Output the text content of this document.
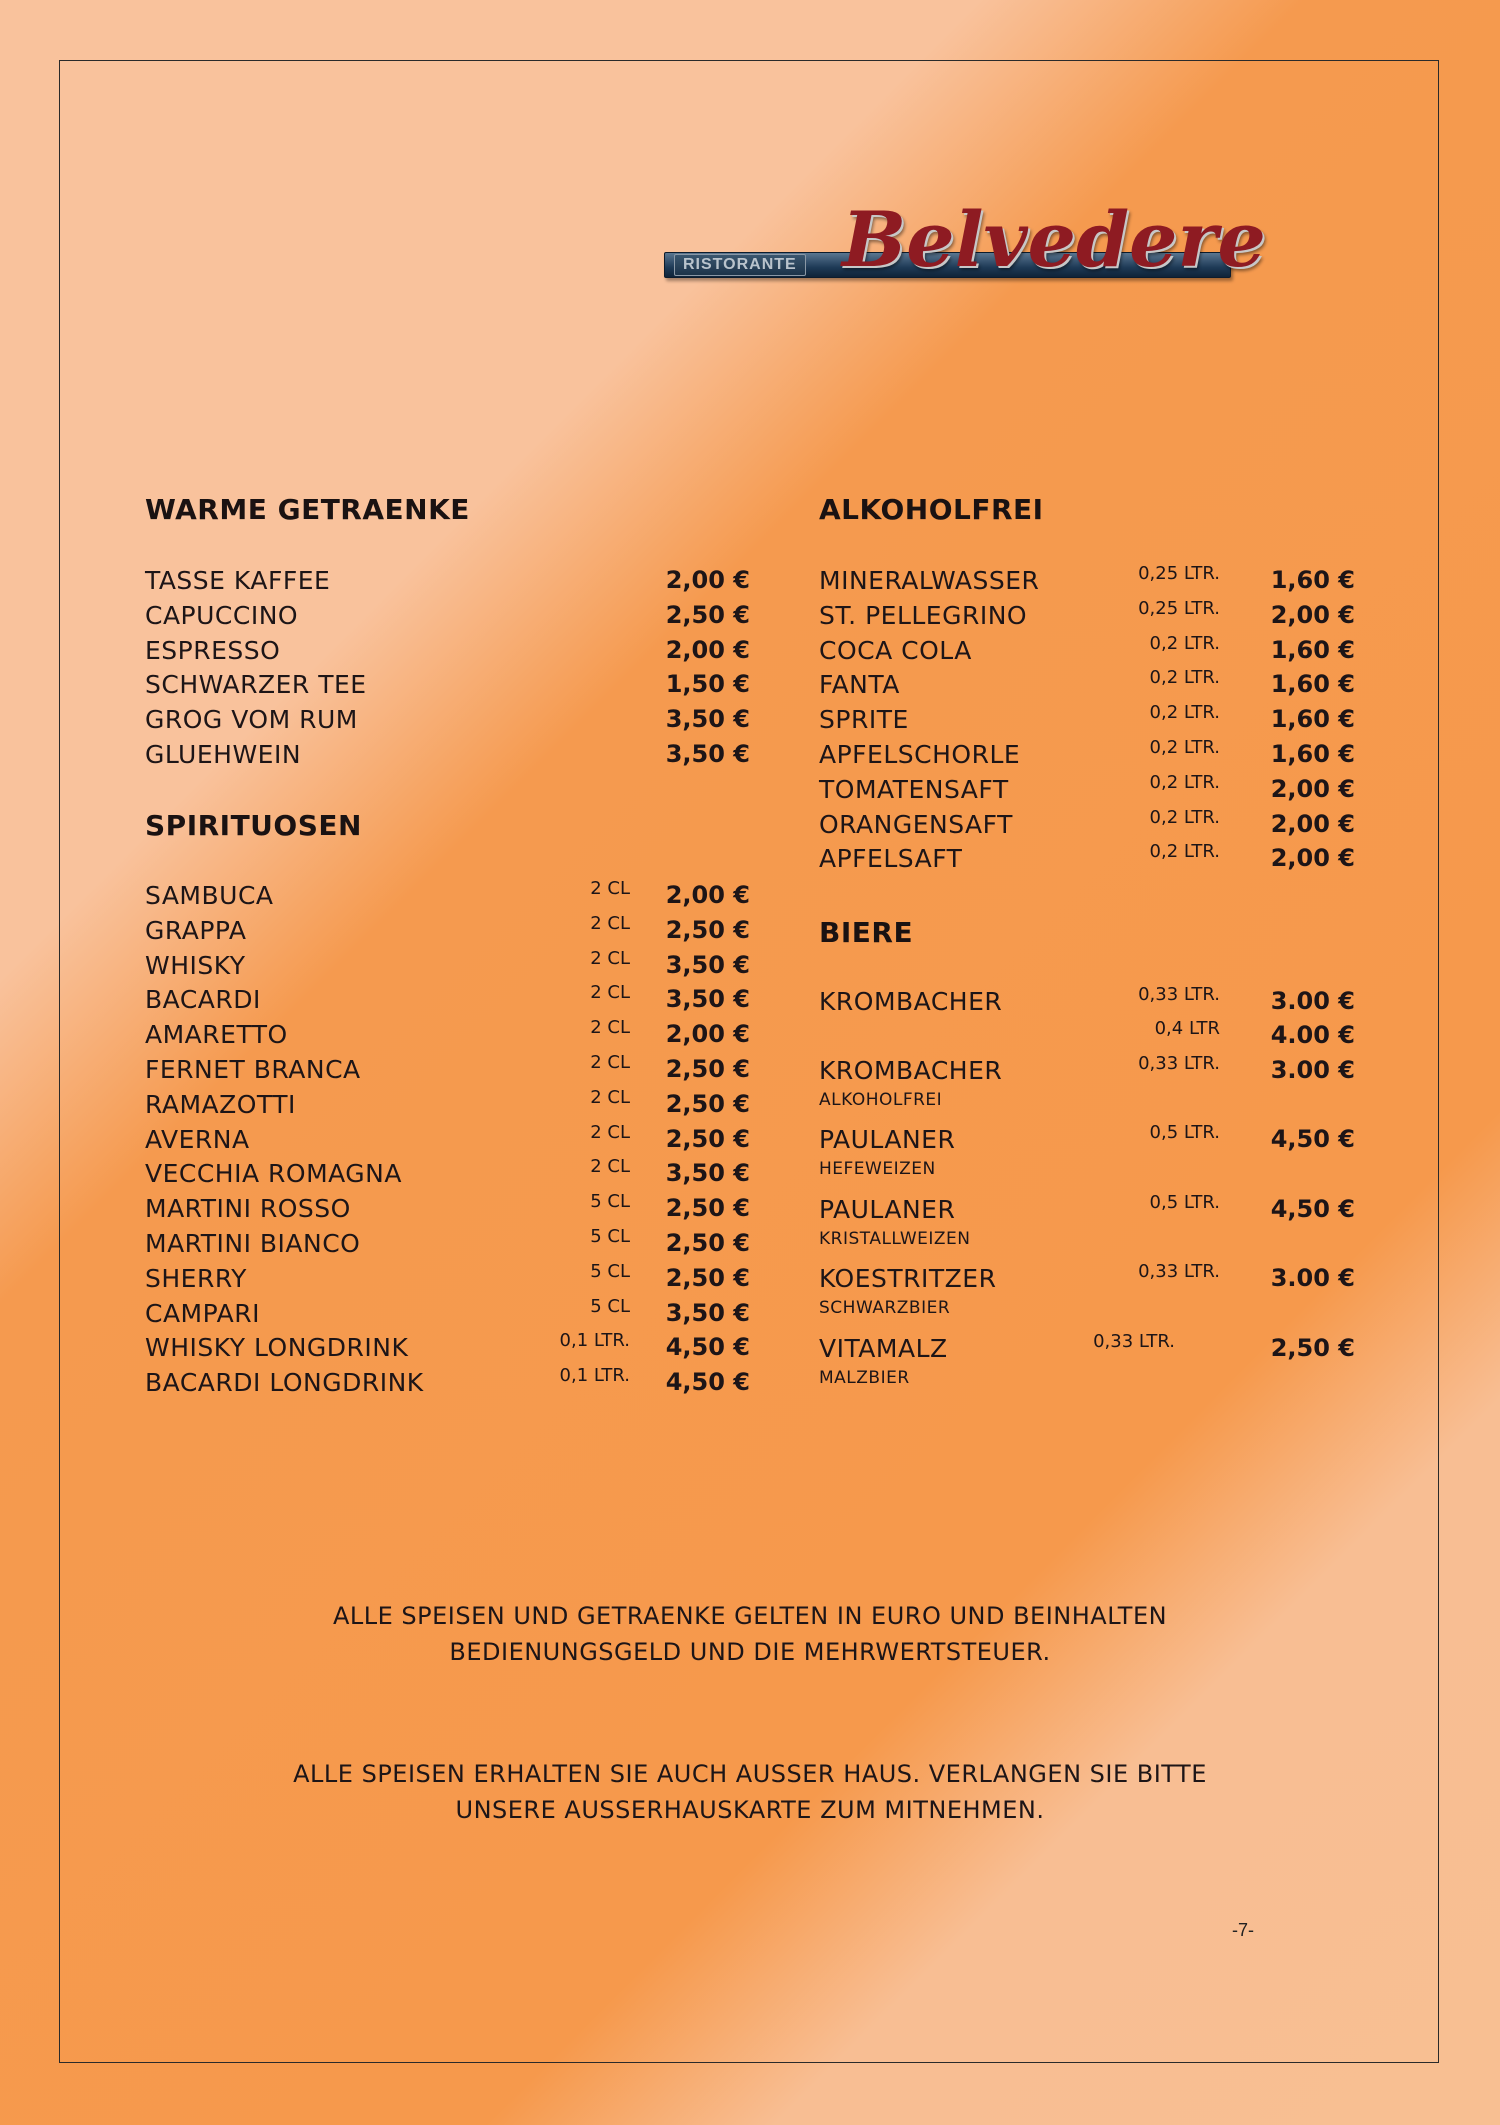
RISTORANTE Belvedere
WARME GETRAENKE
TASSE KAFFEE	2,00 €
CAPUCCINO	2,50 €
ESPRESSO	2,00 €
SCHWARZER TEE	1,50 €
GROG VOM RUM	3,50 €
GLUEHWEIN	3,50 €
SPIRITUOSEN
SAMBUCA	2 CL	2,00 €
GRAPPA	2 CL	2,50 €
WHISKY	2 CL	3,50 €
BACARDI	2 CL	3,50 €
AMARETTO	2 CL	2,00 €
FERNET BRANCA	2 CL	2,50 €
RAMAZOTTI	2 CL	2,50 €
AVERNA	2 CL	2,50 €
VECCHIA ROMAGNA	2 CL	3,50 €
MARTINI ROSSO	5 CL	2,50 €
MARTINI BIANCO	5 CL	2,50 €
SHERRY	5 CL	2,50 €
CAMPARI	5 CL	3,50 €
WHISKY LONGDRINK	0,1 LTR.	4,50 €
BACARDI LONGDRINK	0,1 LTR.	4,50 €
ALKOHOLFREI
MINERALWASSER	0,25 LTR.	1,60 €
ST. PELLEGRINO	0,25 LTR.	2,00 €
COCA COLA	0,2 LTR.	1,60 €
FANTA	0,2 LTR.	1,60 €
SPRITE	0,2 LTR.	1,60 €
APFELSCHORLE	0,2 LTR.	1,60 €
TOMATENSAFT	0,2 LTR.	2,00 €
ORANGENSAFT	0,2 LTR.	2,00 €
APFELSAFT	0,2 LTR.	2,00 €
BIERE
KROMBACHER	0,33 LTR.	3.00 €
0,4 LTR	4.00 €
KROMBACHER	0,33 LTR.	3.00 €
ALKOHOLFREI
PAULANER	0,5 LTR.	4,50 €
HEFEWEIZEN
PAULANER	0,5 LTR.	4,50 €
KRISTALLWEIZEN
KOESTRITZER	0,33 LTR.	3.00 €
SCHWARZBIER
VITAMALZ	0,33 LTR.	2,50 €
MALZBIER
ALLE SPEISEN UND GETRAENKE GELTEN IN EURO UND BEINHALTEN
BEDIENUNGSGELD UND DIE MEHRWERTSTEUER.
ALLE SPEISEN ERHALTEN SIE AUCH AUSSER HAUS. VERLANGEN SIE BITTE
UNSERE AUSSERHAUSKARTE ZUM MITNEHMEN.
-7-
